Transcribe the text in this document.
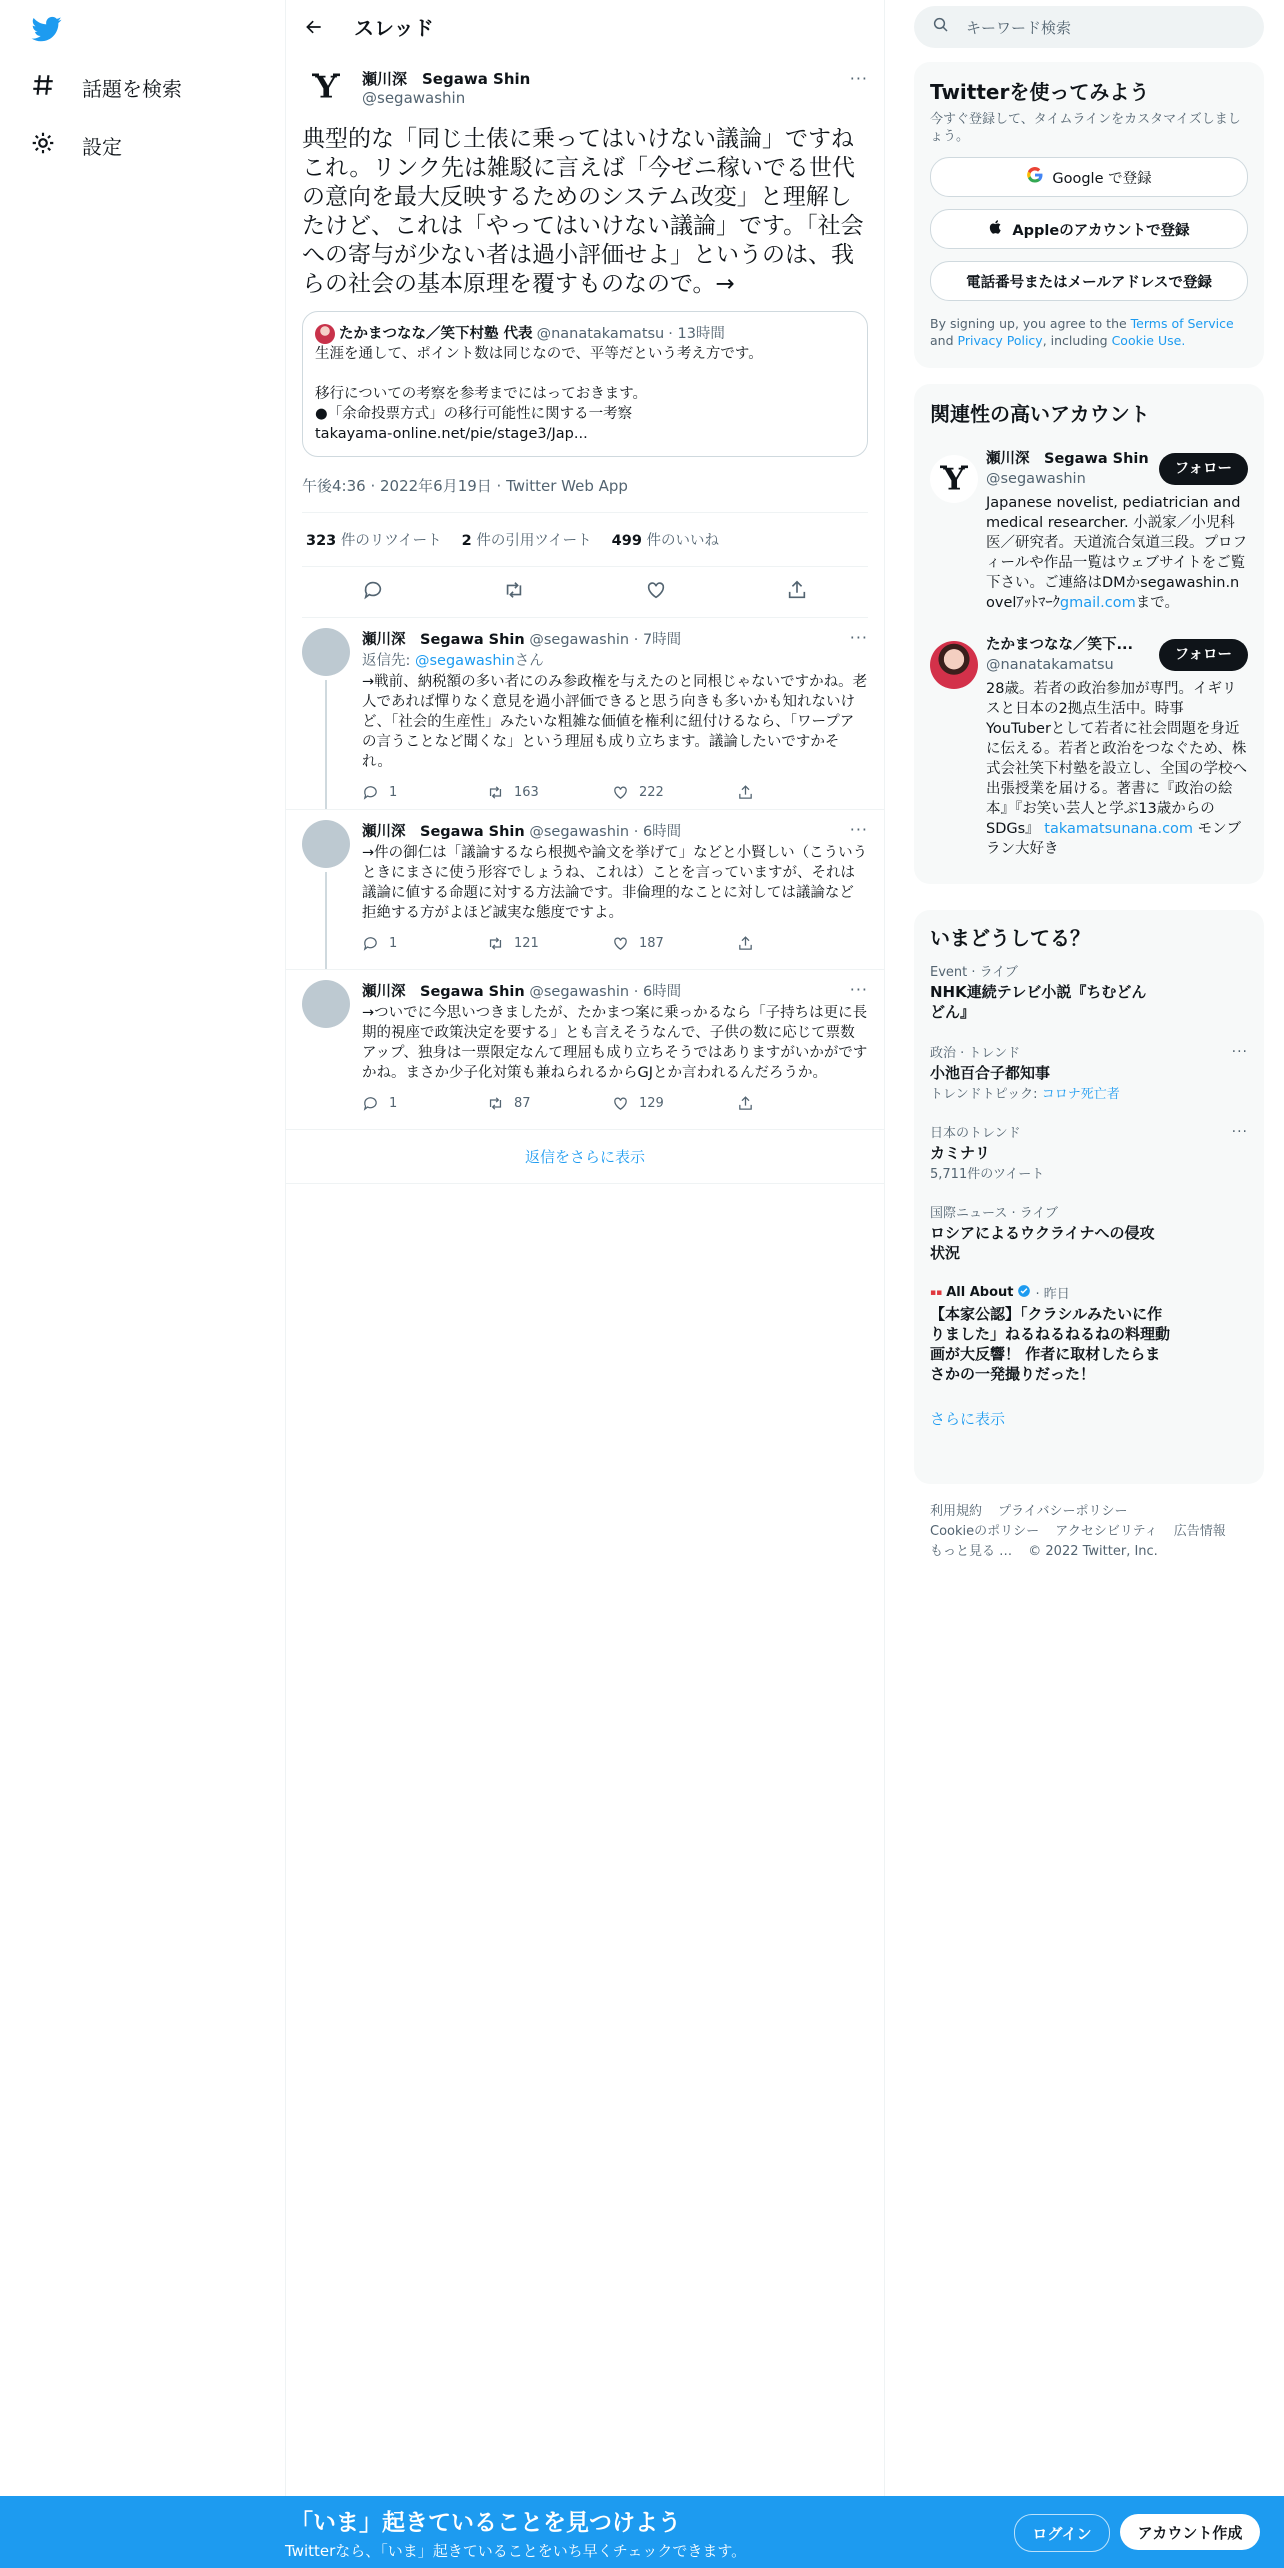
話題を検索
設定
スレッド
Y 瀬川深　Segawa Shin
@segawashin
···
典型的な「同じ土俵に乗ってはいけない議論」ですねこれ。リンク先は雑駁に言えば「今ゼニ稼いでる世代の意向を最大反映するためのシステム改変」と理解したけど、これは「やってはいけない議論」です。「社会への寄与が少ない者は過小評価せよ」というのは、我らの社会の基本原理を覆すものなので。→
たかまつなな／笑下村塾 代表 @nanatakamatsu · 13時間
生涯を通して、ポイント数は同じなので、平等だという考え方です。
移行についての考察を参考までにはっておきます。
●「余命投票方式」の移行可能性に関する一考察
takayama-online.net/pie/stage3/Jap...
午後4:36 · 2022年6月19日 · Twitter Web App
323 件のリツイート 2 件の引用ツイート 499 件のいいね
瀬川深　Segawa Shin @segawashin · 7時間	···
返信先: @segawashinさん
→戦前、納税額の多い者にのみ参政権を与えたのと同根じゃないですかね。老人であれば憚りなく意見を過小評価できると思う向きも多いかも知れないけど、「社会的生産性」みたいな粗雑な価値を権利に紐付けるなら、「ワープアの言うことなど聞くな」という理屈も成り立ちます。議論したいですかそれ。
1	163	222
瀬川深　Segawa Shin @segawashin · 6時間	···
→件の御仁は「議論するなら根拠や論文を挙げて」などと小賢しい（こういうときにまさに使う形容でしょうね、これは）ことを言っていますが、それは議論に値する命題に対する方法論です。非倫理的なことに対しては議論など拒絶する方がよほど誠実な態度ですよ。
1	121	187
瀬川深　Segawa Shin @segawashin · 6時間	···
→ついでに今思いつきましたが、たかまつ案に乗っかるなら「子持ちは更に長期的視座で政策決定を要する」とも言えそうなんで、子供の数に応じて票数アップ、独身は一票限定なんて理屈も成り立ちそうではありますがいかがですかね。まさか少子化対策も兼ねられるからGJとか言われるんだろうか。
1	87	129
返信をさらに表示
キーワード検索
Twitterを使ってみよう
今すぐ登録して、タイムラインをカスタマイズしましょう。
Google で登録
Appleのアカウントで登録
電話番号またはメールアドレスで登録
By signing up, you agree to the Terms of Service and Privacy Policy, including Cookie Use.
関連性の高いアカウント
Y	フォロー
瀬川深　Segawa Shin
@segawashin
Japanese novelist, pediatrician and medical researcher. 小説家／小児科医／研究者。天道流合気道三段。プロフィールや作品一覧はウェブサイトをご覧下さい。ご連絡はDMかsegawashin.novelｱｯﾄﾏｰｸgmail.comまで。
フォロー
たかまつなな／笑下...
@nanatakamatsu
28歳。若者の政治参加が専門。イギリスと日本の2拠点生活中。時事YouTuberとして若者に社会問題を身近に伝える。若者と政治をつなぐため、株式会社笑下村塾を設立し、全国の学校へ出張授業を届ける。著書に『政治の絵本』『お笑い芸人と学ぶ13歳からのSDGs』 takamatsunana.com モンブラン大好き
いまどうしてる？
Event · ライブ
NHK連続テレビ小説『ちむどんどん』
···
政治 · トレンド
小池百合子都知事
トレンドトピック: コロナ死亡者
···
日本のトレンド
カミナリ
5,711件のツイート
国際ニュース · ライブ
ロシアによるウクライナへの侵攻状況
▪▪ All About · 昨日
【本家公認】「クラシルみたいに作りました」ねるねるねるねの料理動画が大反響！ 作者に取材したらまさかの一発撮りだった！
さらに表示
利用規約 プライバシーポリシー
Cookieのポリシー アクセシビリティ 広告情報
もっと見る … © 2022 Twitter, Inc.
「いま」起きていることを見つけよう
Twitterなら、「いま」起きていることをいち早くチェックできます。
ログイン	アカウント作成
